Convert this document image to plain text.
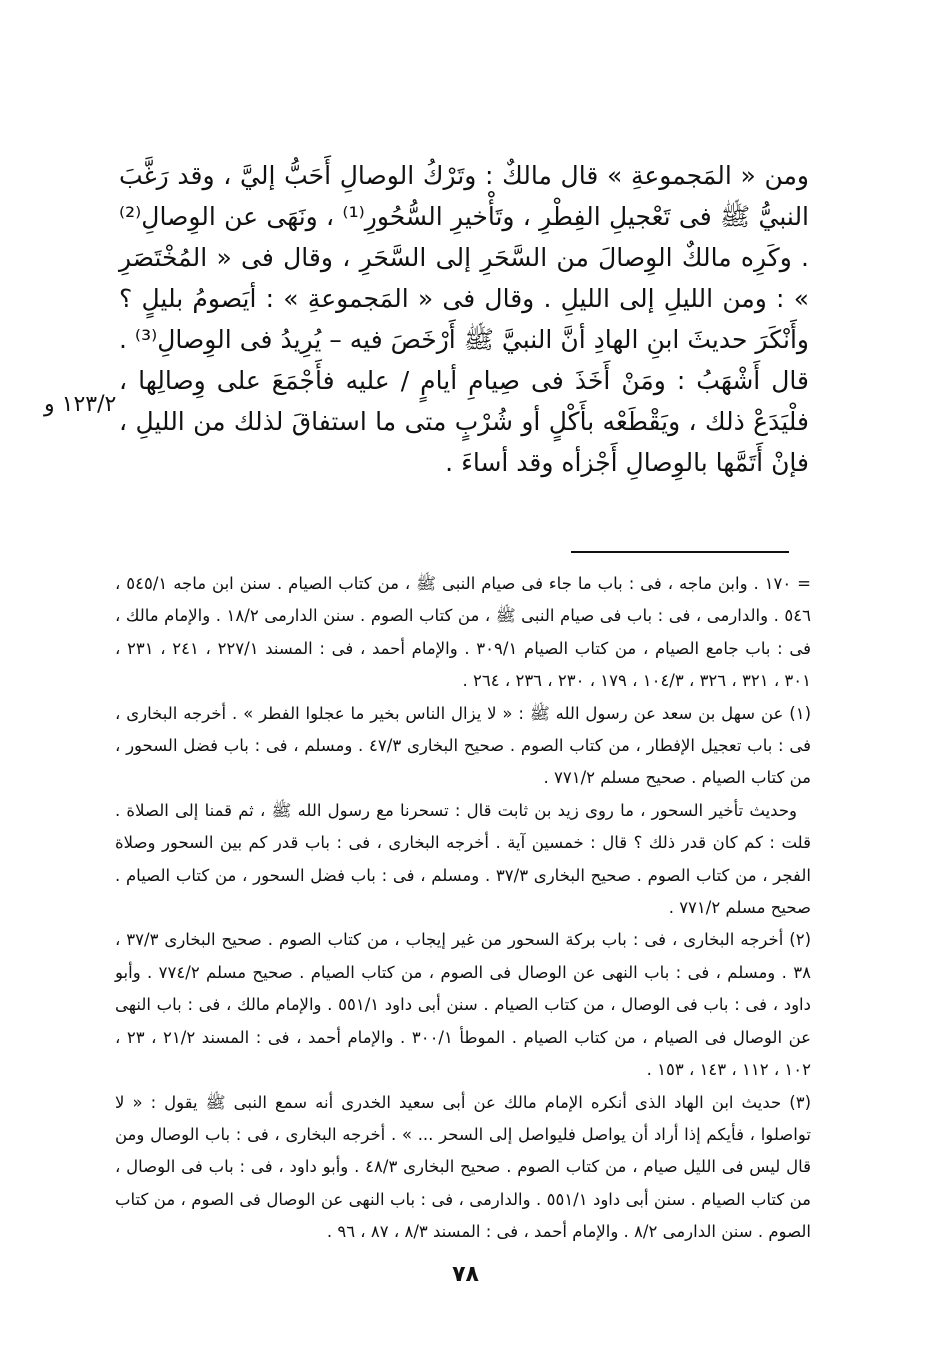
١٢٣/٢ و

ومن « المَجموعةِ » قال مالكٌ : وتَرْكُ الوصالِ أَحَبُّ إليَّ ، وقد رَغَّبَ النبيُّ ﷺ فى تَعْجيلِ الفِطْرِ ، وتَأْخيرِ السُّحُورِ⁽¹⁾ ، ونَهَى عن الوِصالِ⁽²⁾ . وكَرِه مالكٌ الوِصالَ من السَّحَرِ إلى السَّحَرِ ، وقال فى « المُخْتَصَرِ » : ومن الليلِ إلى الليلِ . وقال فى « المَجموعةِ » : أيَصومُ بليلٍ ؟ وأَنْكَرَ حديثَ ابنِ الهادِ أنَّ النبيَّ ﷺ أَرْخَصَ فيه – يُرِيدُ فى الوِصالِ⁽³⁾ . قال أَشْهَبُ : ومَنْ أَخَذَ فى صِيامِ أيامٍ / عليه فأَجْمَعَ على وِصالِها ، فلْيَدَعْ ذلك ، ويَقْطَعْه بأَكْلٍ أو شُرْبٍ متى ما استفاقَ لذلك من الليلِ ، فإنْ أَتَمَّها بالوِصالِ أَجْزأه وقد أساءَ .

= ١٧٠ . وابن ماجه ، فى : باب ما جاء فى صيام النبى ﷺ ، من كتاب الصيام . سنن ابن ماجه ٥٤٥/١ ، ٥٤٦ . والدارمى ، فى : باب فى صيام النبى ﷺ ، من كتاب الصوم . سنن الدارمى ١٨/٢ . والإمام مالك ، فى : باب جامع الصيام ، من كتاب الصيام ٣٠٩/١ . والإمام أحمد ، فى : المسند ٢٢٧/١ ، ٢٤١ ، ٢٣١ ، ٣٠١ ، ٣٢١ ، ٣٢٦ ، ١٠٤/٣ ، ١٧٩ ، ٢٣٠ ، ٢٣٦ ، ٢٦٤ .

(١) عن سهل بن سعد عن رسول الله ﷺ : « لا يزال الناس بخير ما عجلوا الفطر » . أخرجه البخارى ، فى : باب تعجيل الإفطار ، من كتاب الصوم . صحيح البخارى ٤٧/٣ . ومسلم ، فى : باب فضل السحور ، من كتاب الصيام . صحيح مسلم ٧٧١/٢ .

وحديث تأخير السحور ، ما روى زيد بن ثابت قال : تسحرنا مع رسول الله ﷺ ، ثم قمنا إلى الصلاة . قلت : كم كان قدر ذلك ؟ قال : خمسين آية . أخرجه البخارى ، فى : باب قدر كم بين السحور وصلاة الفجر ، من كتاب الصوم . صحيح البخارى ٣٧/٣ . ومسلم ، فى : باب فضل السحور ، من كتاب الصيام . صحيح مسلم ٧٧١/٢ .

(٢) أخرجه البخارى ، فى : باب بركة السحور من غير إيجاب ، من كتاب الصوم . صحيح البخارى ٣٧/٣ ، ٣٨ . ومسلم ، فى : باب النهى عن الوصال فى الصوم ، من كتاب الصيام . صحيح مسلم ٧٧٤/٢ . وأبو داود ، فى : باب فى الوصال ، من كتاب الصيام . سنن أبى داود ٥٥١/١ . والإمام مالك ، فى : باب النهى عن الوصال فى الصيام ، من كتاب الصيام . الموطأ ٣٠٠/١ . والإمام أحمد ، فى : المسند ٢١/٢ ، ٢٣ ، ١٠٢ ، ١١٢ ، ١٤٣ ، ١٥٣ .

(٣) حديث ابن الهاد الذى أنكره الإمام مالك عن أبى سعيد الخدرى أنه سمع النبى ﷺ يقول : « لا تواصلوا ، فأيكم إذا أراد أن يواصل فليواصل إلى السحر ... » . أخرجه البخارى ، فى : باب الوصال ومن قال ليس فى الليل صيام ، من كتاب الصوم . صحيح البخارى ٤٨/٣ . وأبو داود ، فى : باب فى الوصال ، من كتاب الصيام . سنن أبى داود ٥٥١/١ . والدارمى ، فى : باب النهى عن الوصال فى الصوم ، من كتاب الصوم . سنن الدارمى ٨/٢ . والإمام أحمد ، فى : المسند ٨/٣ ، ٨٧ ، ٩٦ .

٧٨
